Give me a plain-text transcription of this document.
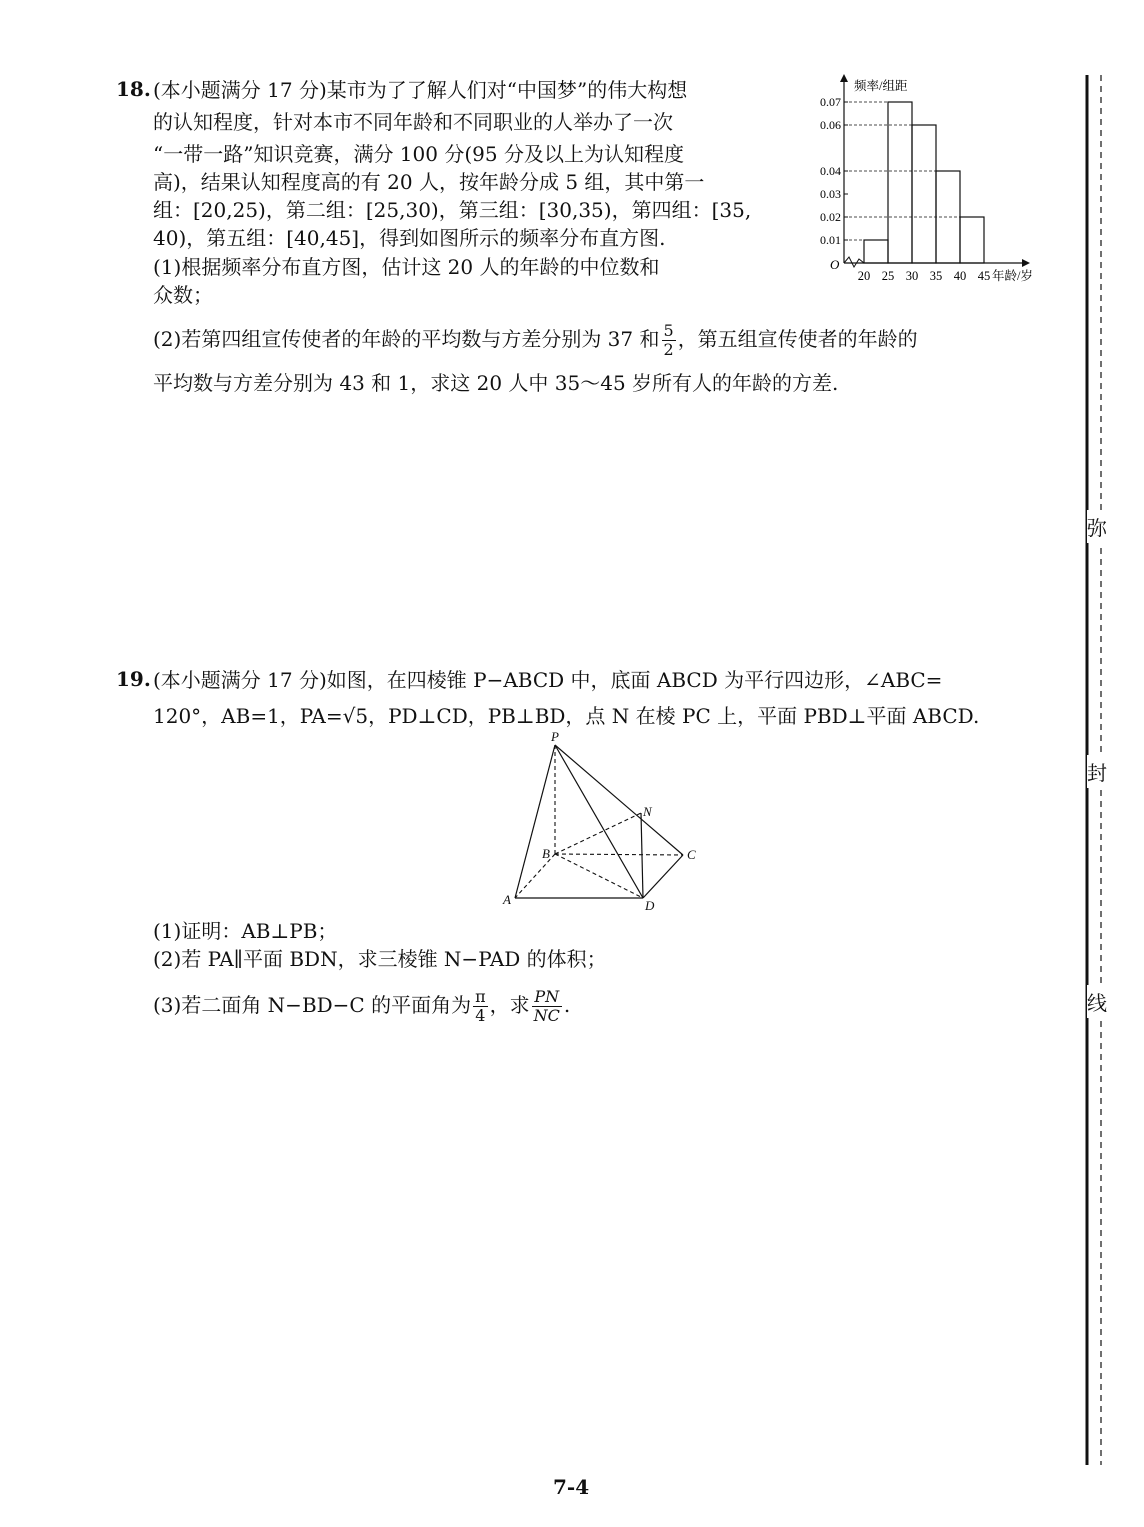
18. (本小题满分 17 分)某市为了了解人们对“中国梦”的伟大构想
的认知程度，针对本市不同年龄和不同职业的人举办了一次
“一带一路”知识竞赛，满分 100 分(95 分及以上为认知程度
高)，结果认知程度高的有 20 人，按年龄分成 5 组，其中第一
组：[20,25)，第二组：[25,30)，第三组：[30,35)，第四组：[35,
40)，第五组：[40,45]，得到如图所示的频率分布直方图.
(1)根据频率分布直方图，估计这 20 人的年龄的中位数和
众数；
(2)若第四组宣传使者的年龄的平均数与方差分别为 37 和 $\frac{5}{2}$ ，第五组宣传使者的年龄的
平均数与方差分别为 43 和 1，求这 20 人中 35～45 岁所有人的年龄的方差.
O
0.01
0.02
0.03
0.04
0.06
0.07
20 25 30 35 40 45 年龄/岁
频率/组距
19. (本小题满分 17 分)如图，在四棱锥 P−ABCD 中，底面 ABCD 为平行四边形，∠ABC=
120°，AB=1，PA=√5，PD⊥CD，PB⊥BD，点 N 在棱 PC 上，平面 PBD⊥平面 ABCD.
(1)证明：AB⊥PB；
(2)若 PA∥平面 BDN，求三棱锥 N−PAD 的体积；
(3)若二面角 N−BD−C 的平面角为 $\frac{\pi}{4}$ ，求 $\frac{PN}{NC}$ .
P
A
B	C
D
N
弥
封
线
7-4
